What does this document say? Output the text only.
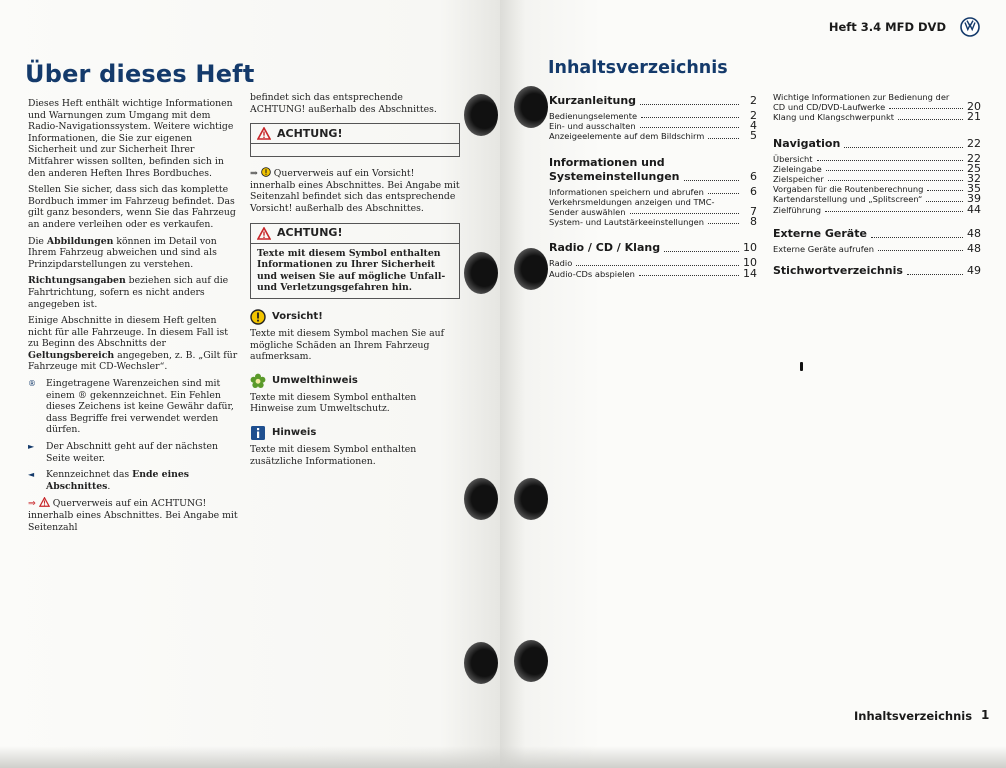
Über dieses Heft

Dieses Heft enthält wichtige Informationen und Warnungen zum Umgang mit dem Radio-Navigationssystem. Weitere wichtige Informationen, die Sie zur eigenen Sicherheit und zur Sicherheit Ihrer Mitfahrer wissen sollten, befinden sich in den anderen Heften Ihres Bordbuches.

Stellen Sie sicher, dass sich das komplette Bordbuch immer im Fahrzeug befindet. Das gilt ganz besonders, wenn Sie das Fahrzeug an andere verleihen oder es verkaufen.

Die Abbildungen können im Detail von Ihrem Fahrzeug abweichen und sind als Prinzipdarstellungen zu verstehen.

Richtungsangaben beziehen sich auf die Fahrtrichtung, sofern es nicht anders angegeben ist.

Einige Abschnitte in diesem Heft gelten nicht für alle Fahrzeuge. In diesem Fall ist zu Beginn des Abschnitts der Geltungsbereich angegeben, z. B. „Gilt für Fahrzeuge mit CD-Wechsler“.

®	Eingetragene Warenzeichen sind mit einem ® gekennzeichnet. Ein Fehlen dieses Zeichens ist keine Gewähr dafür, dass Begriffe frei verwendet werden dürfen.
►	Der Abschnitt geht auf der nächsten Seite weiter.
◄	Kennzeichnet das Ende eines Abschnittes.

⇒ Querverweis auf ein ACHTUNG! innerhalb eines Abschnittes. Bei Angabe mit Seitenzahl

befindet sich das entsprechende ACHTUNG! außerhalb des Abschnittes.

ACHTUNG!

⇒ Querverweis auf ein Vorsicht! innerhalb eines Abschnittes. Bei Angabe mit Seitenzahl befindet sich das entsprechende Vorsicht! außerhalb des Abschnittes.

ACHTUNG!
Texte mit diesem Symbol enthalten Informationen zu Ihrer Sicherheit und weisen Sie auf mögliche Unfall- und Verletzungsgefahren hin.
Vorsicht!

Texte mit diesem Symbol machen Sie auf mögliche Schäden an Ihrem Fahrzeug aufmerksam.

Umwelthinweis

Texte mit diesem Symbol enthalten Hinweise zum Umweltschutz.

Hinweis

Texte mit diesem Symbol enthalten zusätzliche Informationen.

Heft 3.4 MFD DVD
Inhaltsverzeichnis
Kurzanleitung	2
Bedienungselemente	2
Ein- und ausschalten	4
Anzeigeelemente auf dem Bildschirm	5
Informationen und
Systemeinstellungen	6
Informationen speichern und abrufen	6
Verkehrsmeldungen anzeigen und TMC-
Sender auswählen	7
System- und Lautstärkeeinstellungen	8
Radio / CD / Klang	10
Radio	10
Audio-CDs abspielen	14
Wichtige Informationen zur Bedienung der
CD und CD/DVD-Laufwerke	20
Klang und Klangschwerpunkt	21
Navigation	22
Übersicht	22
Zieleingabe	25
Zielspeicher	32
Vorgaben für die Routenberechnung	35
Kartendarstellung und „Splitscreen“	39
Zielführung	44
Externe Geräte	48
Externe Geräte aufrufen	48
Stichwortverzeichnis	49
Inhaltsverzeichnis 1
